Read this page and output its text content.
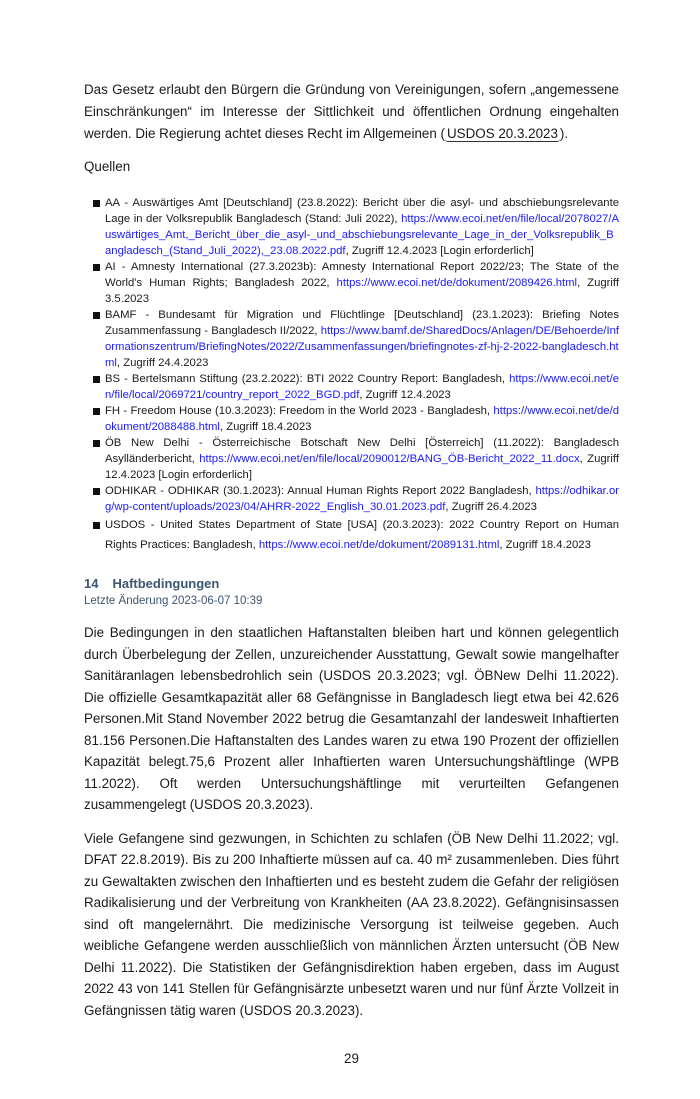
Das Gesetz erlaubt den Bürgern die Gründung von Vereinigungen, sofern „angemessene Einschränkungen“ im Interesse der Sittlichkeit und öffentlichen Ordnung eingehalten werden. Die Regierung achtet dieses Recht im Allgemeinen ( USDOS 20.3.2023 ).

Quellen
AA - Auswärtiges Amt [Deutschland] (23.8.2022): Bericht über die asyl- und abschiebungsrelevante Lage in der Volksrepublik Bangladesch (Stand: Juli 2022), https://www.ecoi.net/en/file/local/2078027/Auswärtiges_Amt,_Bericht_über_die_asyl-_und_abschiebungsrelevante_Lage_in_der_Volksrepublik_Bangladesch_(Stand_Juli_2022),_23.08.2022.pdf, Zugriff 12.4.2023 [Login erforderlich]
AI - Amnesty International (27.3.2023b): Amnesty International Report 2022/23; The State of the World's Human Rights; Bangladesh 2022, https://www.ecoi.net/de/dokument/2089426.html, Zugriff 3.5.2023
BAMF - Bundesamt für Migration und Flüchtlinge [Deutschland] (23.1.2023): Briefing Notes Zusammenfassung - Bangladesch II/2022, https://www.bamf.de/SharedDocs/Anlagen/DE/Behoerde/Informationszentrum/BriefingNotes/2022/Zusammenfassungen/briefingnotes-zf-hj-2-2022-bangladesch.html, Zugriff 24.4.2023
BS - Bertelsmann Stiftung (23.2.2022): BTI 2022 Country Report: Bangladesh, https://www.ecoi.net/en/file/local/2069721/country_report_2022_BGD.pdf, Zugriff 12.4.2023
FH - Freedom House (10.3.2023): Freedom in the World 2023 - Bangladesh, https://www.ecoi.net/de/dokument/2088488.html, Zugriff 18.4.2023
ÖB New Delhi - Österreichische Botschaft New Delhi [Österreich] (11.2022): Bangladesch Asylländerbericht, https://www.ecoi.net/en/file/local/2090012/BANG_ÖB-Bericht_2022_11.docx, Zugriff 12.4.2023 [Login erforderlich]
ODHIKAR - ODHIKAR (30.1.2023): Annual Human Rights Report 2022 Bangladesh, https://odhikar.org/wp-content/uploads/2023/04/AHRR-2022_English_30.01.2023.pdf, Zugriff 26.4.2023
USDOS - United States Department of State [USA] (20.3.2023): 2022 Country Report on Human Rights Practices: Bangladesh, https://www.ecoi.net/de/dokument/2089131.html, Zugriff 18.4.2023
14 Haftbedingungen
Letzte Änderung 2023-06-07 10:39

Die Bedingungen in den staatlichen Haftanstalten bleiben hart und können gelegentlich durch Überbelegung der Zellen, unzureichender Ausstattung, Gewalt sowie mangelhafter Sanitäranlagen lebensbedrohlich sein (USDOS 20.3.2023; vgl. ÖBNew Delhi 11.2022). Die offizielle Gesamtkapazität aller 68 Gefängnisse in Bangladesch liegt etwa bei 42.626 Personen.Mit Stand November 2022 betrug die Gesamtanzahl der landesweit Inhaftierten 81.156 Personen.Die Haftanstalten des Landes waren zu etwa 190 Prozent der offiziellen Kapazität belegt.75,6 Prozent aller Inhaftierten waren Untersuchungshäftlinge (WPB 11.2022). Oft werden Untersuchungshäftlinge mit verurteilten Gefangenen zusammengelegt (USDOS 20.3.2023).

Viele Gefangene sind gezwungen, in Schichten zu schlafen (ÖB New Delhi 11.2022; vgl. DFAT 22.8.2019). Bis zu 200 Inhaftierte müssen auf ca. 40 m² zusammenleben. Dies führt zu Gewaltakten zwischen den Inhaftierten und es besteht zudem die Gefahr der religiösen Radikalisierung und der Verbreitung von Krankheiten (AA 23.8.2022). Gefängnisinsassen sind oft mangelernährt. Die medizinische Versorgung ist teilweise gegeben. Auch weibliche Gefangene werden ausschließlich von männlichen Ärzten untersucht (ÖB New Delhi 11.2022). Die Statistiken der Gefängnisdirektion haben ergeben, dass im August 2022 43 von 141 Stellen für Gefängnisärzte unbesetzt waren und nur fünf Ärzte Vollzeit in Gefängnissen tätig waren (USDOS 20.3.2023).

29
